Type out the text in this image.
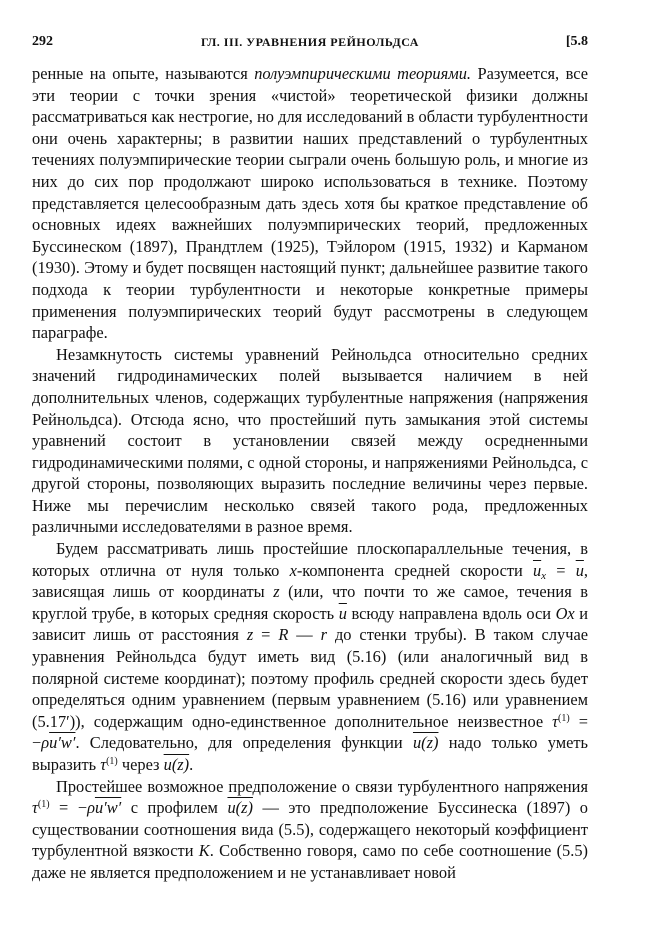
292	ГЛ. III. УРАВНЕНИЯ РЕЙНОЛЬДСА	[5.8

ренные на опыте, называются полуэмпирическими теориями. Разумеется, все эти теории с точки зрения «чистой» теоретической физики должны рассматриваться как нестрогие, но для исследований в области турбулентности они очень характерны; в развитии наших представлений о турбулентных течениях полуэмпирические теории сыграли очень большую роль, и многие из них до сих пор продолжают широко использоваться в технике. Поэтому представляется целесообразным дать здесь хотя бы краткое представление об основных идеях важнейших полуэмпирических теорий, предложенных Буссинеском (1897), Прандтлем (1925), Тэйлором (1915, 1932) и Карманом (1930). Этому и будет посвящен настоящий пункт; дальнейшее развитие такого подхода к теории турбулентности и некоторые конкретные примеры применения полуэмпирических теорий будут рассмотрены в следующем параграфе.

Незамкнутость системы уравнений Рейнольдса относительно средних значений гидродинамических полей вызывается наличием в ней дополнительных членов, содержащих турбулентные напряжения (напряжения Рейнольдса). Отсюда ясно, что простейший путь замыкания этой системы уравнений состоит в установлении связей между осредненными гидродинамическими полями, с одной стороны, и напряжениями Рейнольдса, с другой стороны, позволяющих выразить последние величины через первые. Ниже мы перечислим несколько связей такого рода, предложенных различными исследователями в разное время.

Будем рассматривать лишь простейшие плоскопараллельные течения, в которых отлична от нуля только x-компонента средней скорости $\overline{u}_x = \overline{u}$, зависящая лишь от координаты z (или, что почти то же самое, течения в круглой трубе, в которых средняя скорость $\overline{u}$ всюду направлена вдоль оси Ox и зависит лишь от расстояния z = R — r до стенки трубы). В таком случае уравнения Рейнольдса будут иметь вид (5.16) (или аналогичный вид в полярной системе координат); поэтому профиль средней скорости здесь будет определяться одним уравнением (первым уравнением (5.16) или уравнением (5.17′)), содержащим одно-единственное дополнительное неизвестное $\tau^{(1)} = -\rho u'w'$. Следовательно, для определения функции u(z) надо только уметь выразить $\tau^{(1)}$ через u(z).

Простейшее возможное предположение о связи турбулентного напряжения $\tau^{(1)} = -\rho u'w'$ с профилем u(z) — это предположение Буссинеска (1897) о существовании соотношения вида (5.5), содержащего некоторый коэффициент турбулентной вязкости K. Собственно говоря, само по себе соотношение (5.5) даже не является предположением и не устанавливает новой
